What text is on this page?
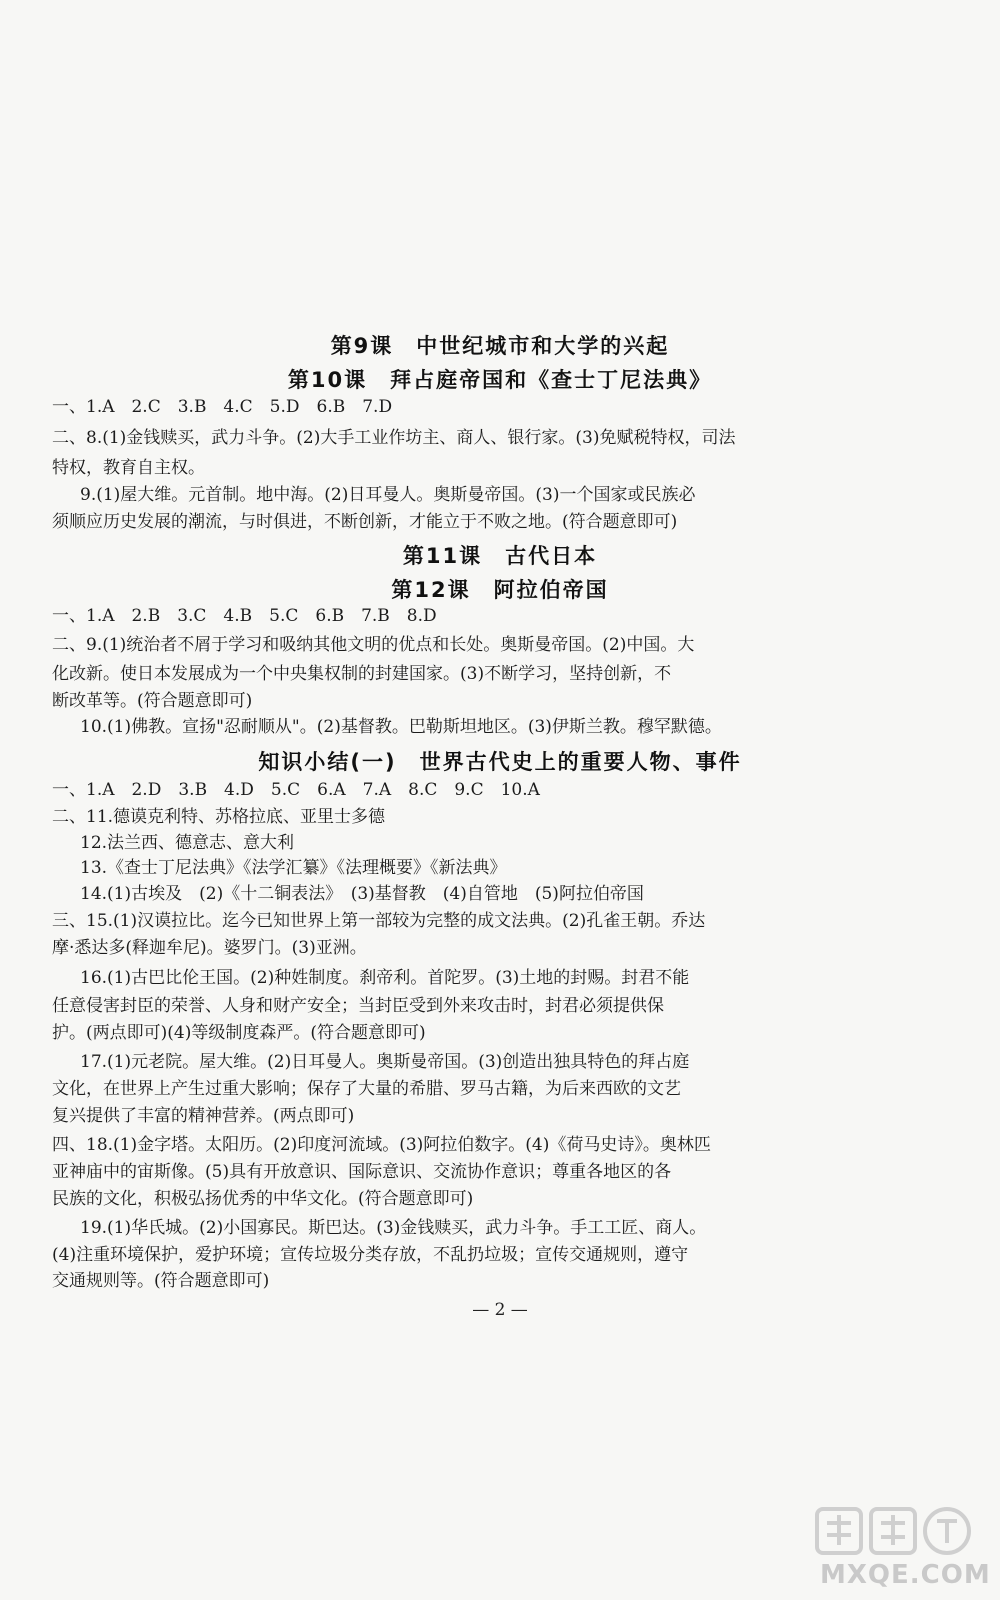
第9课　中世纪城市和大学的兴起
第10课　拜占庭帝国和《查士丁尼法典》
一、1.A　2.C　3.B　4.C　5.D　6.B　7.D
二、8.(1)金钱赎买，武力斗争。(2)大手工业作坊主、商人、银行家。(3)免赋税特权，司法
特权，教育自主权。
9.(1)屋大维。元首制。地中海。(2)日耳曼人。奥斯曼帝国。(3)一个国家或民族必
须顺应历史发展的潮流，与时俱进，不断创新，才能立于不败之地。(符合题意即可)
第11课　古代日本
第12课　阿拉伯帝国
一、1.A　2.B　3.C　4.B　5.C　6.B　7.B　8.D
二、9.(1)统治者不屑于学习和吸纳其他文明的优点和长处。奥斯曼帝国。(2)中国。大
化改新。使日本发展成为一个中央集权制的封建国家。(3)不断学习，坚持创新，不
断改革等。(符合题意即可)
10.(1)佛教。宣扬"忍耐顺从"。(2)基督教。巴勒斯坦地区。(3)伊斯兰教。穆罕默德。
知识小结(一)　世界古代史上的重要人物、事件
一、1.A　2.D　3.B　4.D　5.C　6.A　7.A　8.C　9.C　10.A
二、11.德谟克利特、苏格拉底、亚里士多德
12.法兰西、德意志、意大利
13.《查士丁尼法典》《法学汇纂》《法理概要》《新法典》
14.(1)古埃及　(2)《十二铜表法》　(3)基督教　(4)自管地　(5)阿拉伯帝国
三、15.(1)汉谟拉比。迄今已知世界上第一部较为完整的成文法典。(2)孔雀王朝。乔达
摩·悉达多(释迦牟尼)。婆罗门。(3)亚洲。
16.(1)古巴比伦王国。(2)种姓制度。刹帝利。首陀罗。(3)土地的封赐。封君不能
任意侵害封臣的荣誉、人身和财产安全；当封臣受到外来攻击时，封君必须提供保
护。(两点即可)(4)等级制度森严。(符合题意即可)
17.(1)元老院。屋大维。(2)日耳曼人。奥斯曼帝国。(3)创造出独具特色的拜占庭
文化，在世界上产生过重大影响；保存了大量的希腊、罗马古籍，为后来西欧的文艺
复兴提供了丰富的精神营养。(两点即可)
四、18.(1)金字塔。太阳历。(2)印度河流域。(3)阿拉伯数字。(4)《荷马史诗》。奥林匹
亚神庙中的宙斯像。(5)具有开放意识、国际意识、交流协作意识；尊重各地区的各
民族的文化，积极弘扬优秀的中华文化。(符合题意即可)
19.(1)华氏城。(2)小国寡民。斯巴达。(3)金钱赎买，武力斗争。手工工匠、商人。
(4)注重环境保护，爱护环境；宣传垃圾分类存放，不乱扔垃圾；宣传交通规则，遵守
交通规则等。(符合题意即可)
— 2 —
MXQE.COM
